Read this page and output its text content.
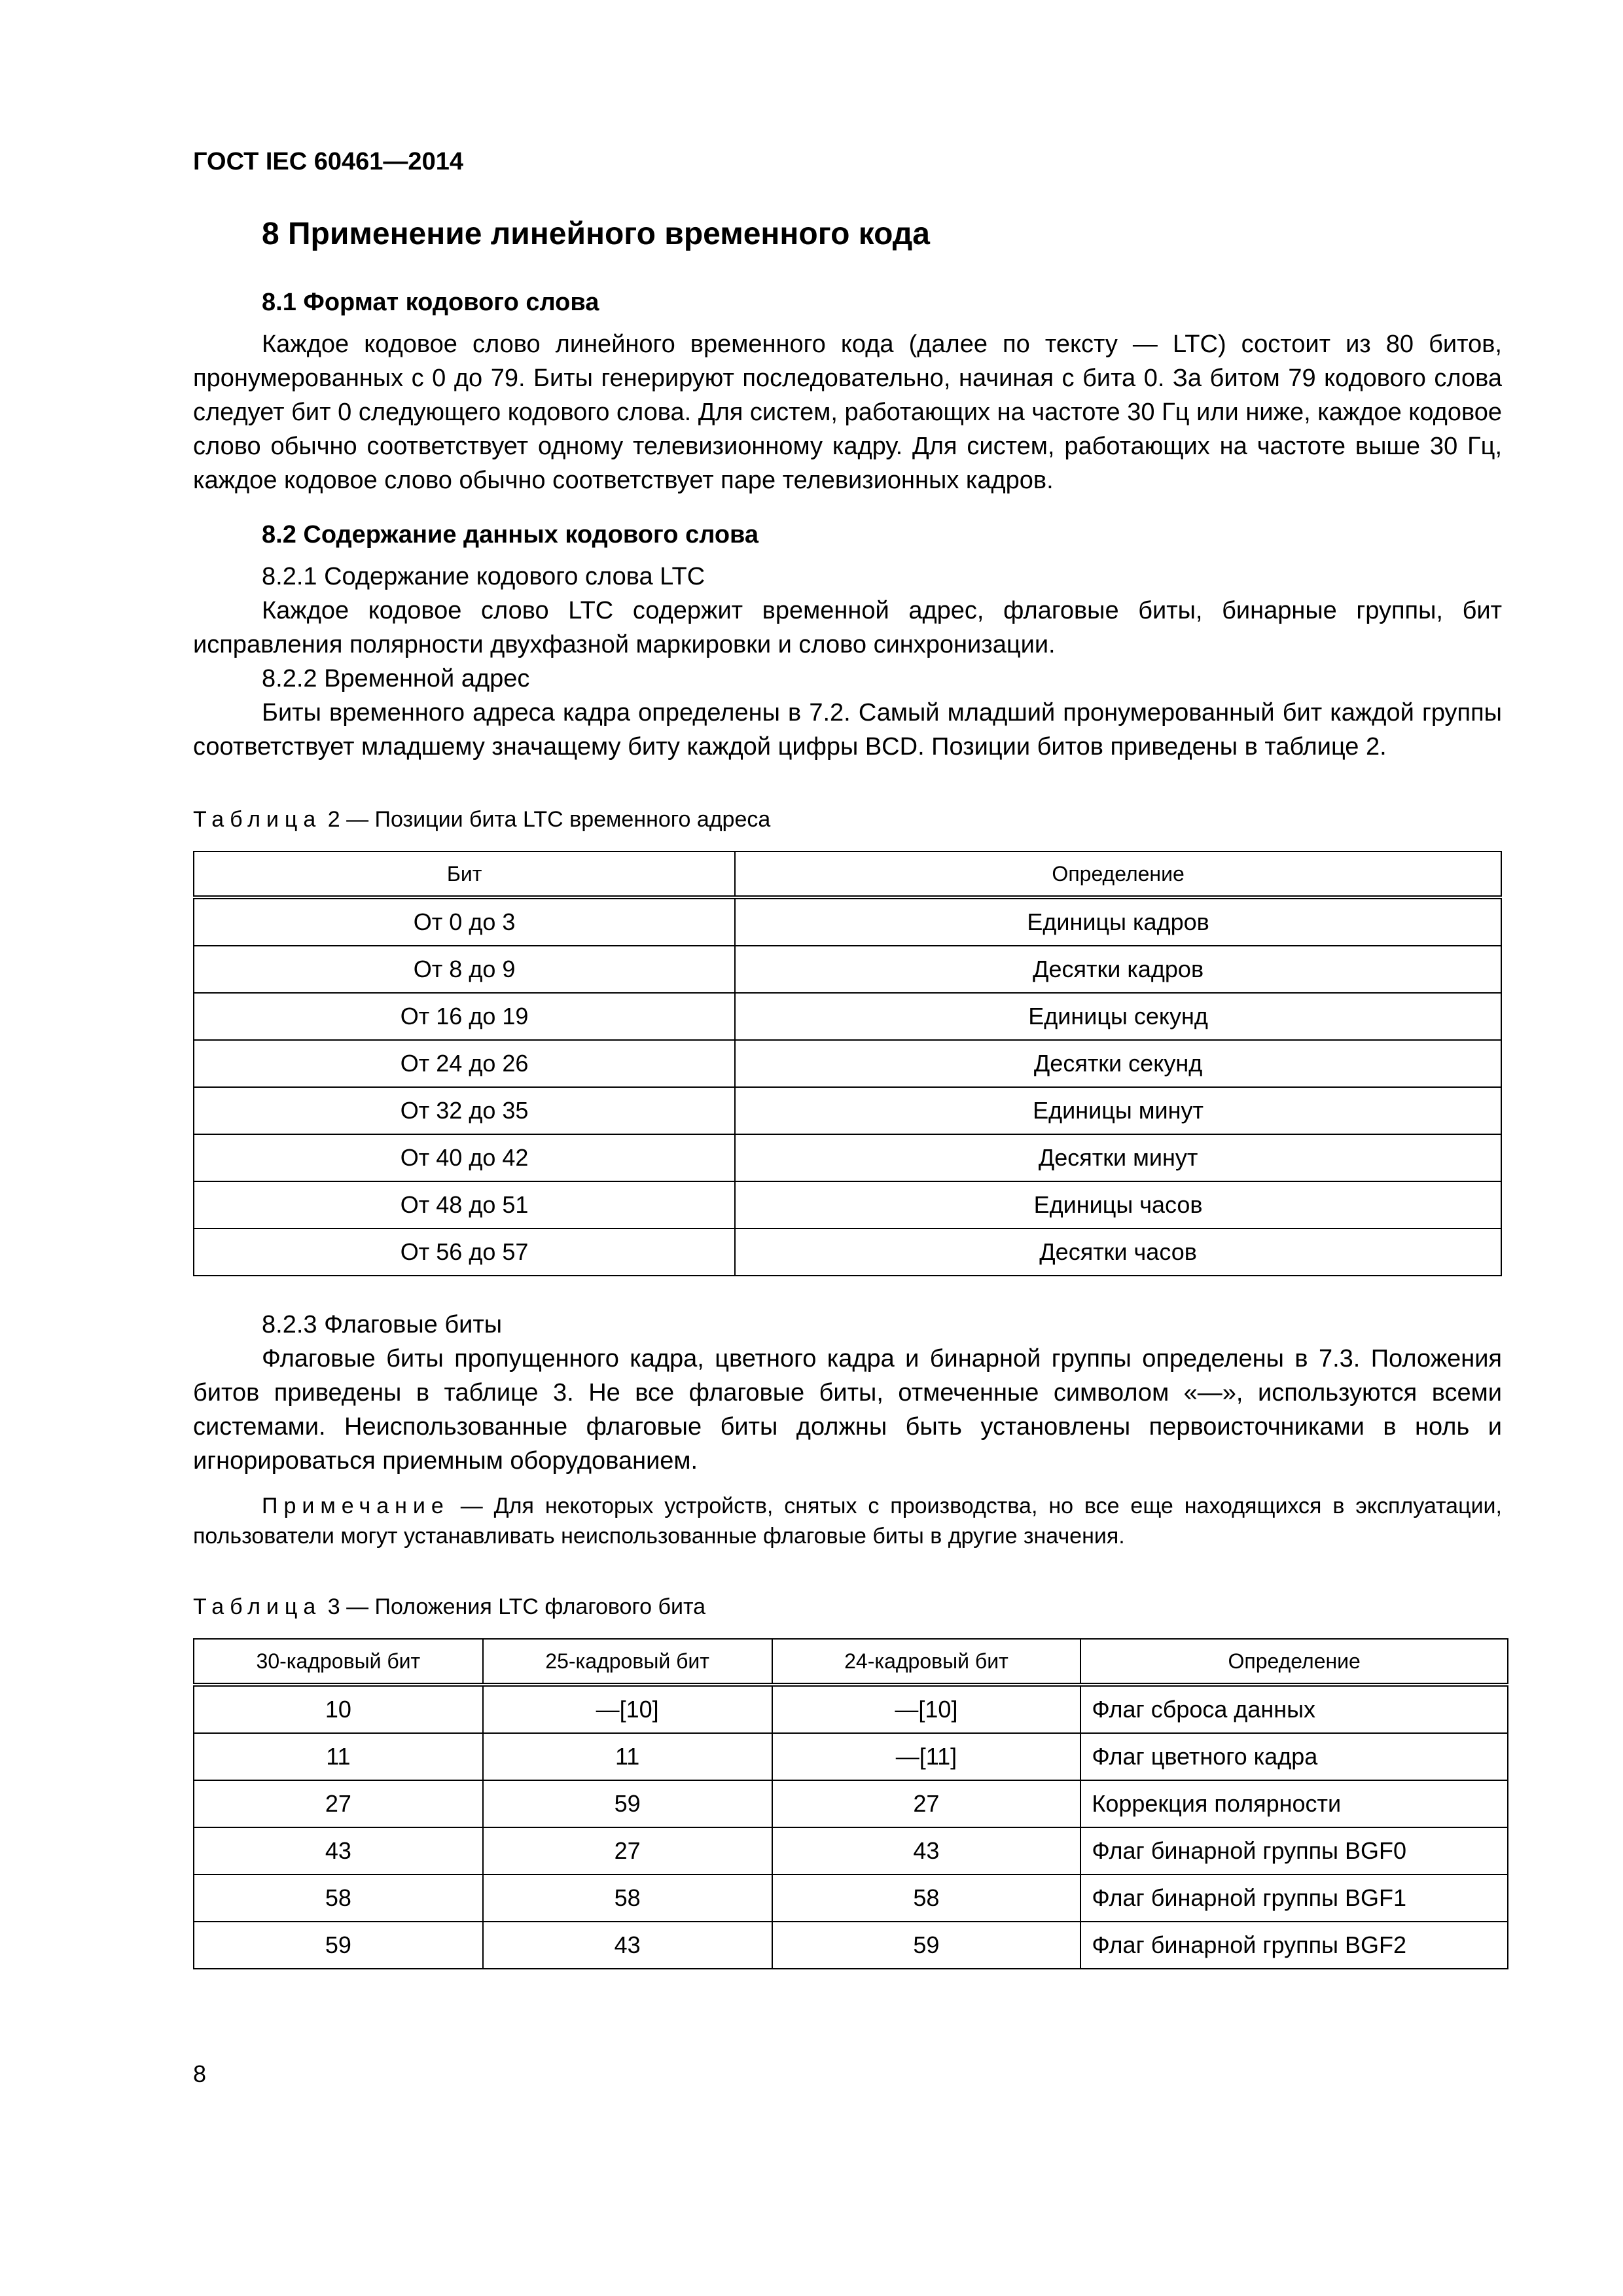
ГОСТ IEC 60461—2014
8 Применение линейного временного кода
8.1 Формат кодового слова

Каждое кодовое слово линейного временного кода (далее по тексту — LTC) состоит из 80 битов, пронумерованных с 0 до 79. Биты генерируют последовательно, начиная с бита 0. За битом 79 кодового слова следует бит 0 следующего кодового слова. Для систем, работающих на частоте 30 Гц или ниже, каждое кодовое слово обычно соответствует одному телевизионному кадру. Для систем, работающих на частоте выше 30 Гц, каждое кодовое слово обычно соответствует паре телевизионных кадров.

8.2 Содержание данных кодового слова
8.2.1 Содержание кодового слова LTC

Каждое кодовое слово LTC содержит временной адрес, флаговые биты, бинарные группы, бит исправления полярности двухфазной маркировки и слово синхронизации.

8.2.2 Временной адрес

Биты временного адреса кадра определены в 7.2. Самый младший пронумерованный бит каждой группы соответствует младшему значащему биту каждой цифры BCD. Позиции битов приведены в таблице 2.

Таблица 2 — Позиции бита LTC временного адреса
Бит	Определение
От 0 до 3	Единицы кадров
От 8 до 9	Десятки кадров
От 16 до 19	Единицы секунд
От 24 до 26	Десятки секунд
От 32 до 35	Единицы минут
От 40 до 42	Десятки минут
От 48 до 51	Единицы часов
От 56 до 57	Десятки часов
8.2.3 Флаговые биты

Флаговые биты пропущенного кадра, цветного кадра и бинарной группы определены в 7.3. Положения битов приведены в таблице 3. Не все флаговые биты, отмеченные символом «—», используются всеми системами. Неиспользованные флаговые биты должны быть установлены первоисточниками в ноль и игнорироваться приемным оборудованием.

Примечание — Для некоторых устройств, снятых с производства, но все еще находящихся в эксплуатации, пользователи могут устанавливать неиспользованные флаговые биты в другие значения.

Таблица 3 — Положения LTC флагового бита
30-кадровый бит	25-кадровый бит	24-кадровый бит	Определение
10	—[10]	—[10]	Флаг сброса данных
11	11	—[11]	Флаг цветного кадра
27	59	27	Коррекция полярности
43	27	43	Флаг бинарной группы BGF0
58	58	58	Флаг бинарной группы BGF1
59	43	59	Флаг бинарной группы BGF2
8
